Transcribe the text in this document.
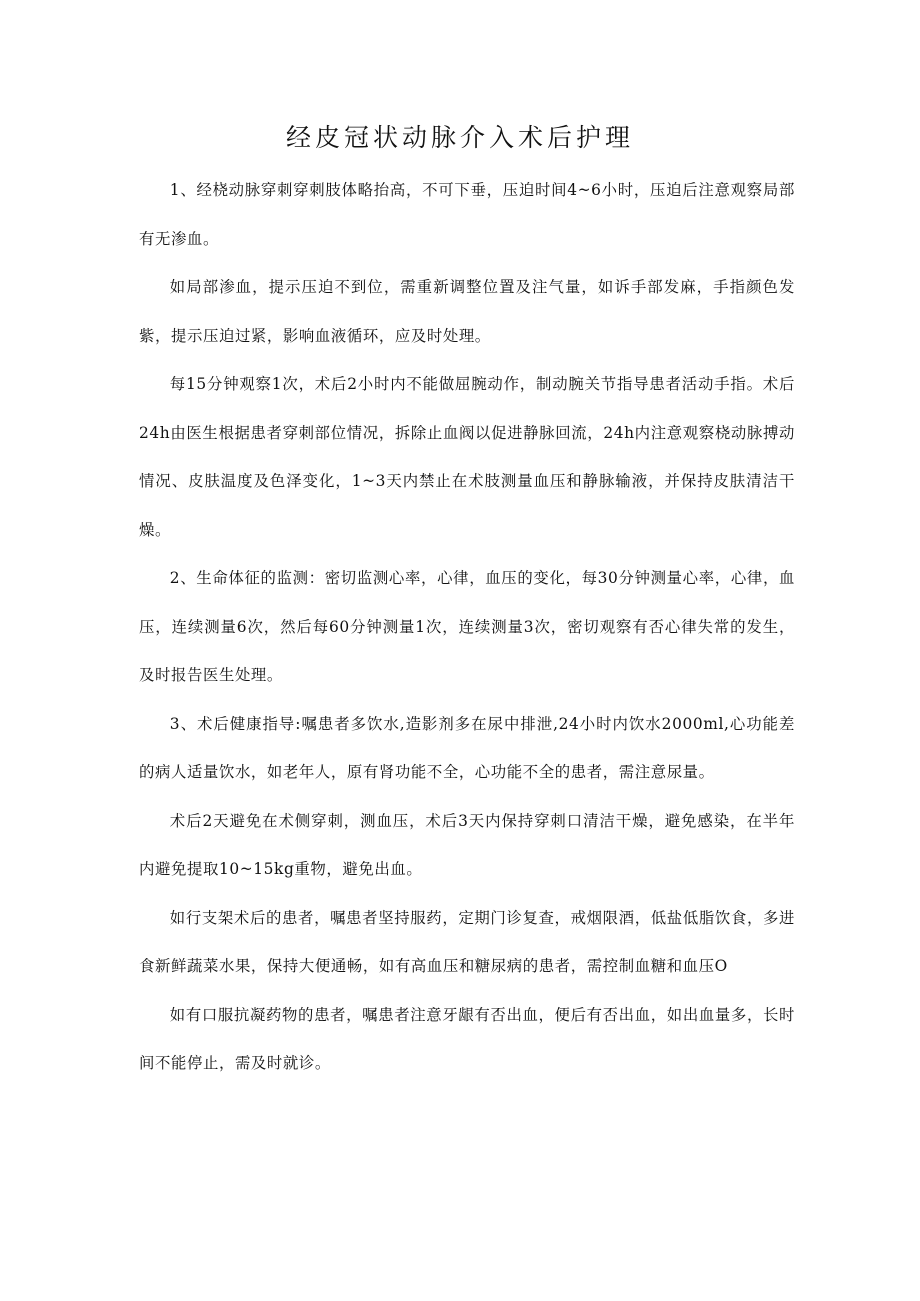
经皮冠状动脉介入术后护理

1、经桡动脉穿刺穿刺肢体略抬高，不可下垂，压迫时间4~6小时，压迫后注意观察局部有无渗血。

如局部渗血，提示压迫不到位，需重新调整位置及注气量，如诉手部发麻，手指颜色发紫，提示压迫过紧，影响血液循环，应及时处理。

每15分钟观察1次，术后2小时内不能做屈腕动作，制动腕关节指导患者活动手指。术后24h由医生根据患者穿刺部位情况，拆除止血阀以促进静脉回流，24h内注意观察桡动脉搏动情况、皮肤温度及色泽变化，1~3天内禁止在术肢测量血压和静脉输液，并保持皮肤清洁干燥。

2、生命体征的监测：密切监测心率，心律，血压的变化，每30分钟测量心率，心律，血压，连续测量6次，然后每60分钟测量1次，连续测量3次，密切观察有否心律失常的发生，及时报告医生处理。

3、术后健康指导:嘱患者多饮水,造影剂多在尿中排泄,24小时内饮水2000ml,心功能差的病人适量饮水，如老年人，原有肾功能不全，心功能不全的患者，需注意尿量。

术后2天避免在术侧穿刺，测血压，术后3天内保持穿刺口清洁干燥，避免感染，在半年内避免提取10~15kg重物，避免出血。

如行支架术后的患者，嘱患者坚持服药，定期门诊复查，戒烟限酒，低盐低脂饮食，多进食新鲜蔬菜水果，保持大便通畅，如有高血压和糖尿病的患者，需控制血糖和血压O

如有口服抗凝药物的患者，嘱患者注意牙龈有否出血，便后有否出血，如出血量多，长时间不能停止，需及时就诊。
